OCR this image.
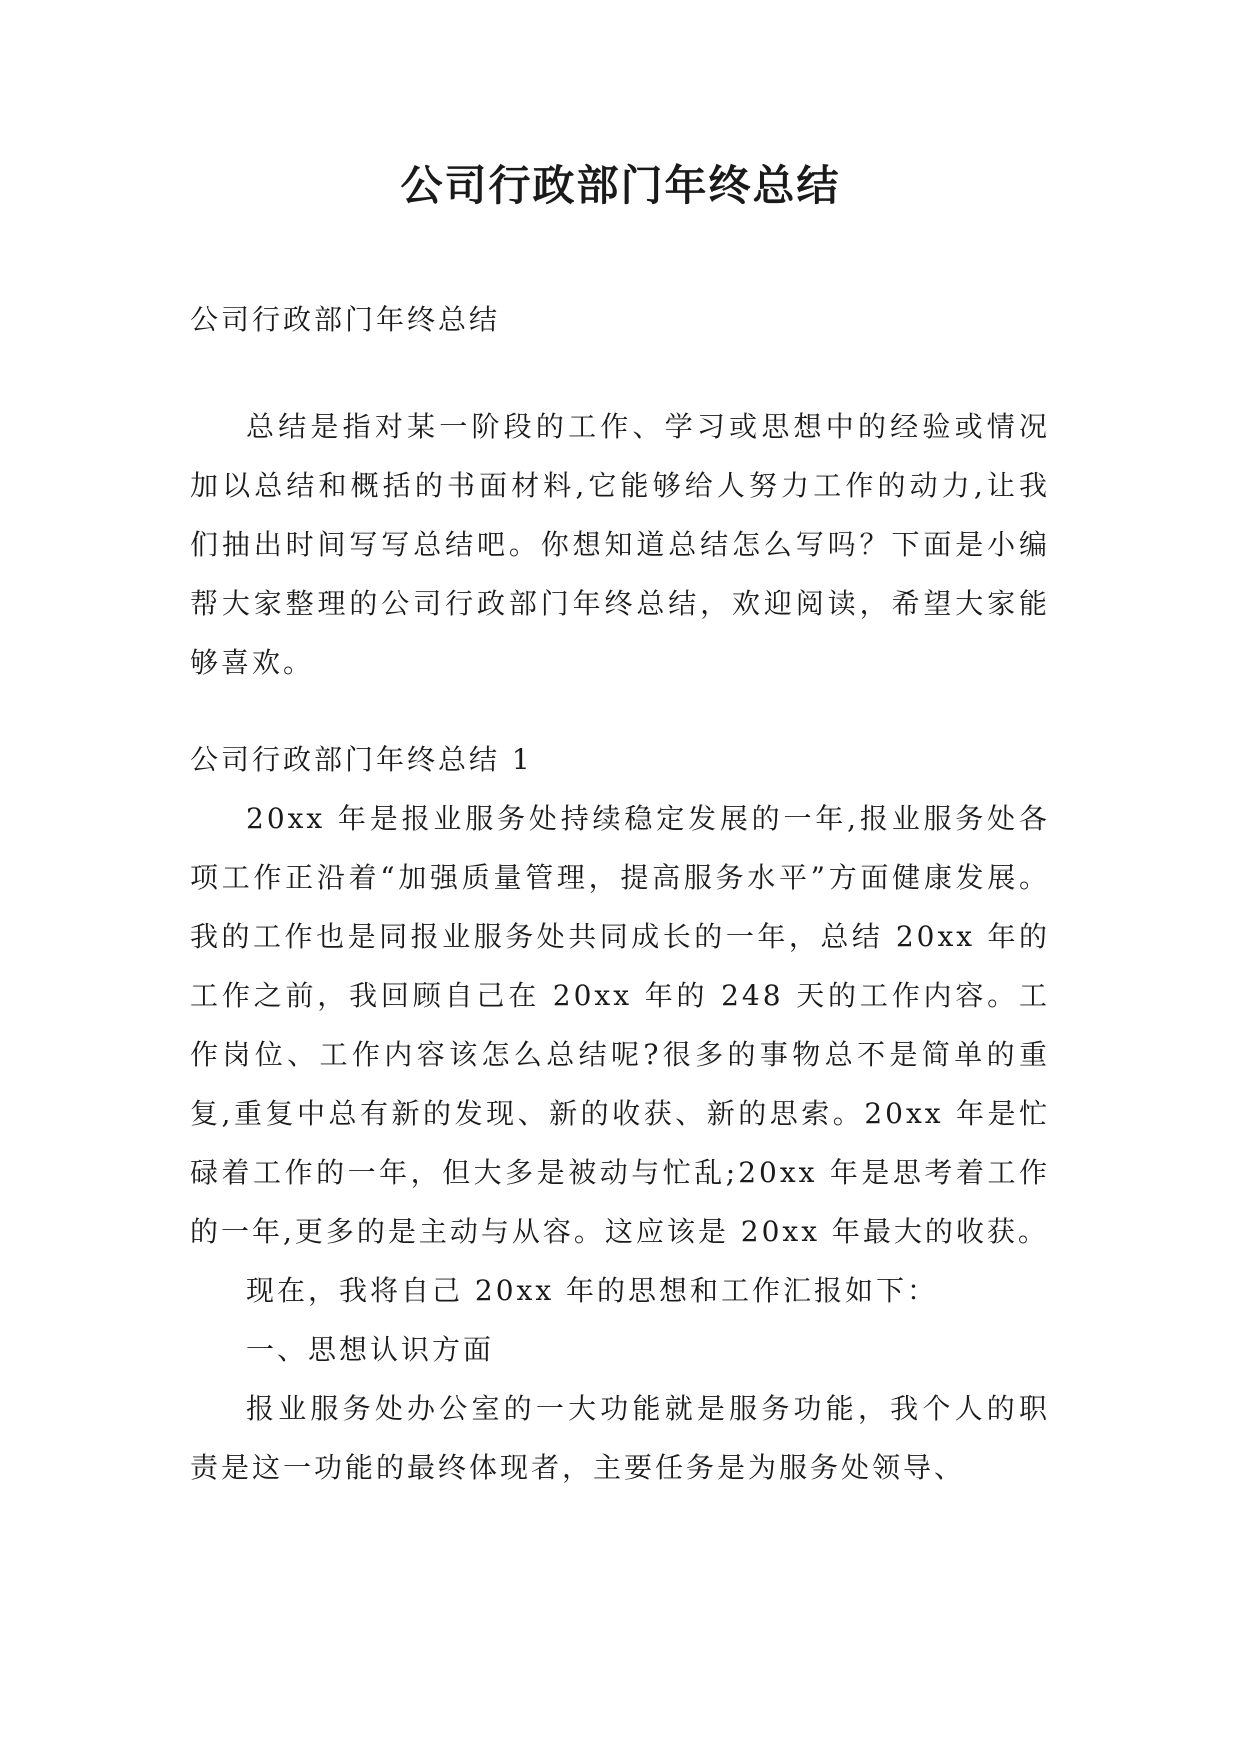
公司行政部门年终总结

公司行政部门年终总结

总结是指对某一阶段的工作、学习或思想中的经验或情况加以总结和概括的书面材料,它能够给人努力工作的动力,让我们抽出时间写写总结吧。你想知道总结怎么写吗？下面是小编帮大家整理的公司行政部门年终总结，欢迎阅读，希望大家能够喜欢。

公司行政部门年终总结 1

20xx 年是报业服务处持续稳定发展的一年,报业服务处各项工作正沿着“加强质量管理，提高服务水平”方面健康发展。我的工作也是同报业服务处共同成长的一年，总结 20xx 年的工作之前，我回顾自己在 20xx 年的 248 天的工作内容。工作岗位、工作内容该怎么总结呢?很多的事物总不是简单的重复,重复中总有新的发现、新的收获、新的思索。20xx 年是忙碌着工作的一年，但大多是被动与忙乱;20xx 年是思考着工作的一年,更多的是主动与从容。这应该是 20xx 年最大的收获。

现在，我将自己 20xx 年的思想和工作汇报如下：

一、思想认识方面

报业服务处办公室的一大功能就是服务功能，我个人的职责是这一功能的最终体现者，主要任务是为服务处领导、
